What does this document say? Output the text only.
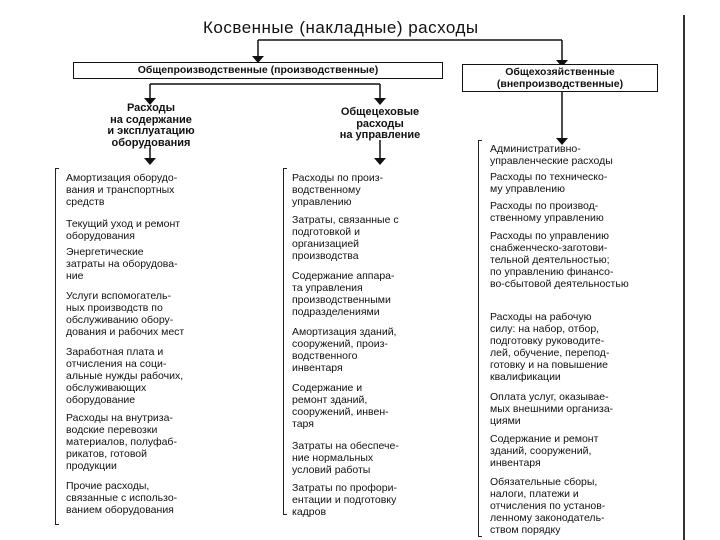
Косвенные (накладные) расходы
Общепроизводственные (производственные)	Общехозяйственные
(внепроизводственные)
Расходы
на содержание
и эксплуатацию
оборудования
Общецеховые
расходы
на управление
Амортизация оборудо-
вания и транспортных
средств
Текущий уход и ремонт
оборудования
Энергетические
затраты на оборудова-
ние
Услуги вспомогатель-
ных производств по
обслуживанию обору-
дования и рабочих мест
Заработная плата и
отчисления на соци-
альные нужды рабочих,
обслуживающих
оборудование
Расходы на внутриза-
водские перевозки
материалов, полуфаб-
рикатов, готовой
продукции
Прочие расходы,
связанные с использо-
ванием оборудования
Расходы по произ-
водственному
управлению
Затраты, связанные с
подготовкой и
организацией
производства
Содержание аппара-
та управления
производственными
подразделениями
Амортизация зданий,
сооружений, произ-
водственного
инвентаря
Содержание и
ремонт зданий,
сооружений, инвен-
таря
Затраты на обеспече-
ние нормальных
условий работы
Затраты по профори-
ентации и подготовку
кадров
Административно-
управленческие расходы
Расходы по техническо-
му управлению
Расходы по производ-
ственному управлению
Расходы по управлению
снабженческо-заготови-
тельной деятельностью;
по управлению финансо-
во-сбытовой деятельностью
Расходы на рабочую
силу: на набор, отбор,
подготовку руководите-
лей, обучение, перепод-
готовку и на повышение
квалификации
Оплата услуг, оказывае-
мых внешними организа-
циями
Содержание и ремонт
зданий, сооружений,
инвентаря
Обязательные сборы,
налоги, платежи и
отчисления по установ-
ленному законодатель-
ством порядку
